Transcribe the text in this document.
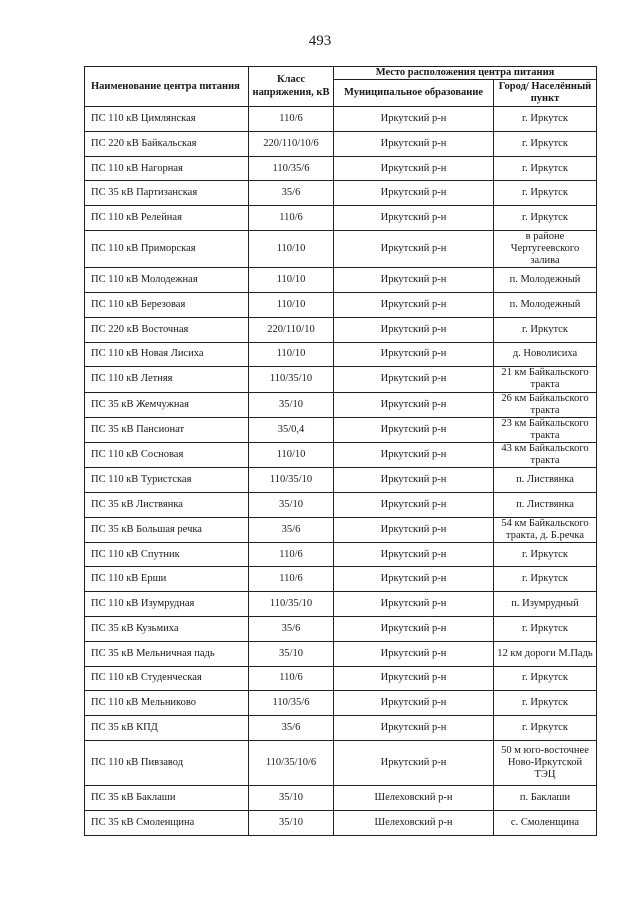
493
Наименование центра питания	Класс напряжения, кВ	Место расположения центра питания	
		Муниципальное образование	Город/ Населённый пункт
ПС 110 кВ Цимлянская	110/6	Иркутский р-н	г. Иркутск
ПС 220 кВ Байкальская	220/110/10/6	Иркутский р-н	г. Иркутск
ПС 110 кВ Нагорная	110/35/6	Иркутский р-н	г. Иркутск
ПС 35 кВ Партизанская	35/6	Иркутский р-н	г. Иркутск
ПС 110 кВ Релейная	110/6	Иркутский р-н	г. Иркутск
ПС 110 кВ Приморская	110/10	Иркутский р-н	в районе Чертугеевского залива
ПС 110 кВ Молодежная	110/10	Иркутский р-н	п. Молодежный
ПС 110 кВ Березовая	110/10	Иркутский р-н	п. Молодежный
ПС 220 кВ Восточная	220/110/10	Иркутский р-н	г. Иркутск
ПС 110 кВ Новая Лисиха	110/10	Иркутский р-н	д. Новолисиха
ПС 110 кВ Летняя	110/35/10	Иркутский р-н	21 км Байкальского тракта
ПС 35 кВ Жемчужная	35/10	Иркутский р-н	26 км Байкальского тракта
ПС 35 кВ Пансионат	35/0,4	Иркутский р-н	23 км Байкальского тракта
ПС 110 кВ Сосновая	110/10	Иркутский р-н	43 км Байкальского тракта
ПС 110 кВ Туристская	110/35/10	Иркутский р-н	п. Листвянка
ПС 35 кВ Листвянка	35/10	Иркутский р-н	п. Листвянка
ПС 35 кВ Большая речка	35/6	Иркутский р-н	54 км Байкальского тракта, д. Б.речка
ПС 110 кВ Спутник	110/6	Иркутский р-н	г. Иркутск
ПС 110 кВ Ерши	110/6	Иркутский р-н	г. Иркутск
ПС 110 кВ Изумрудная	110/35/10	Иркутский р-н	п. Изумрудный
ПС 35 кВ Кузьмиха	35/6	Иркутский р-н	г. Иркутск
ПС 35 кВ Мельничная падь	35/10	Иркутский р-н	12 км дороги М.Падь
ПС 110 кВ Студенческая	110/6	Иркутский р-н	г. Иркутск
ПС 110 кВ Мельниково	110/35/6	Иркутский р-н	г. Иркутск
ПС 35 кВ КПД	35/6	Иркутский р-н	г. Иркутск
ПС 110 кВ Пивзавод	110/35/10/6	Иркутский р-н	50 м юго-восточнее Ново-Иркутской ТЭЦ
ПС 35 кВ Баклаши	35/10	Шелеховский р-н	п. Баклаши
ПС 35 кВ Смоленщина	35/10	Шелеховский р-н	с. Смоленщина
